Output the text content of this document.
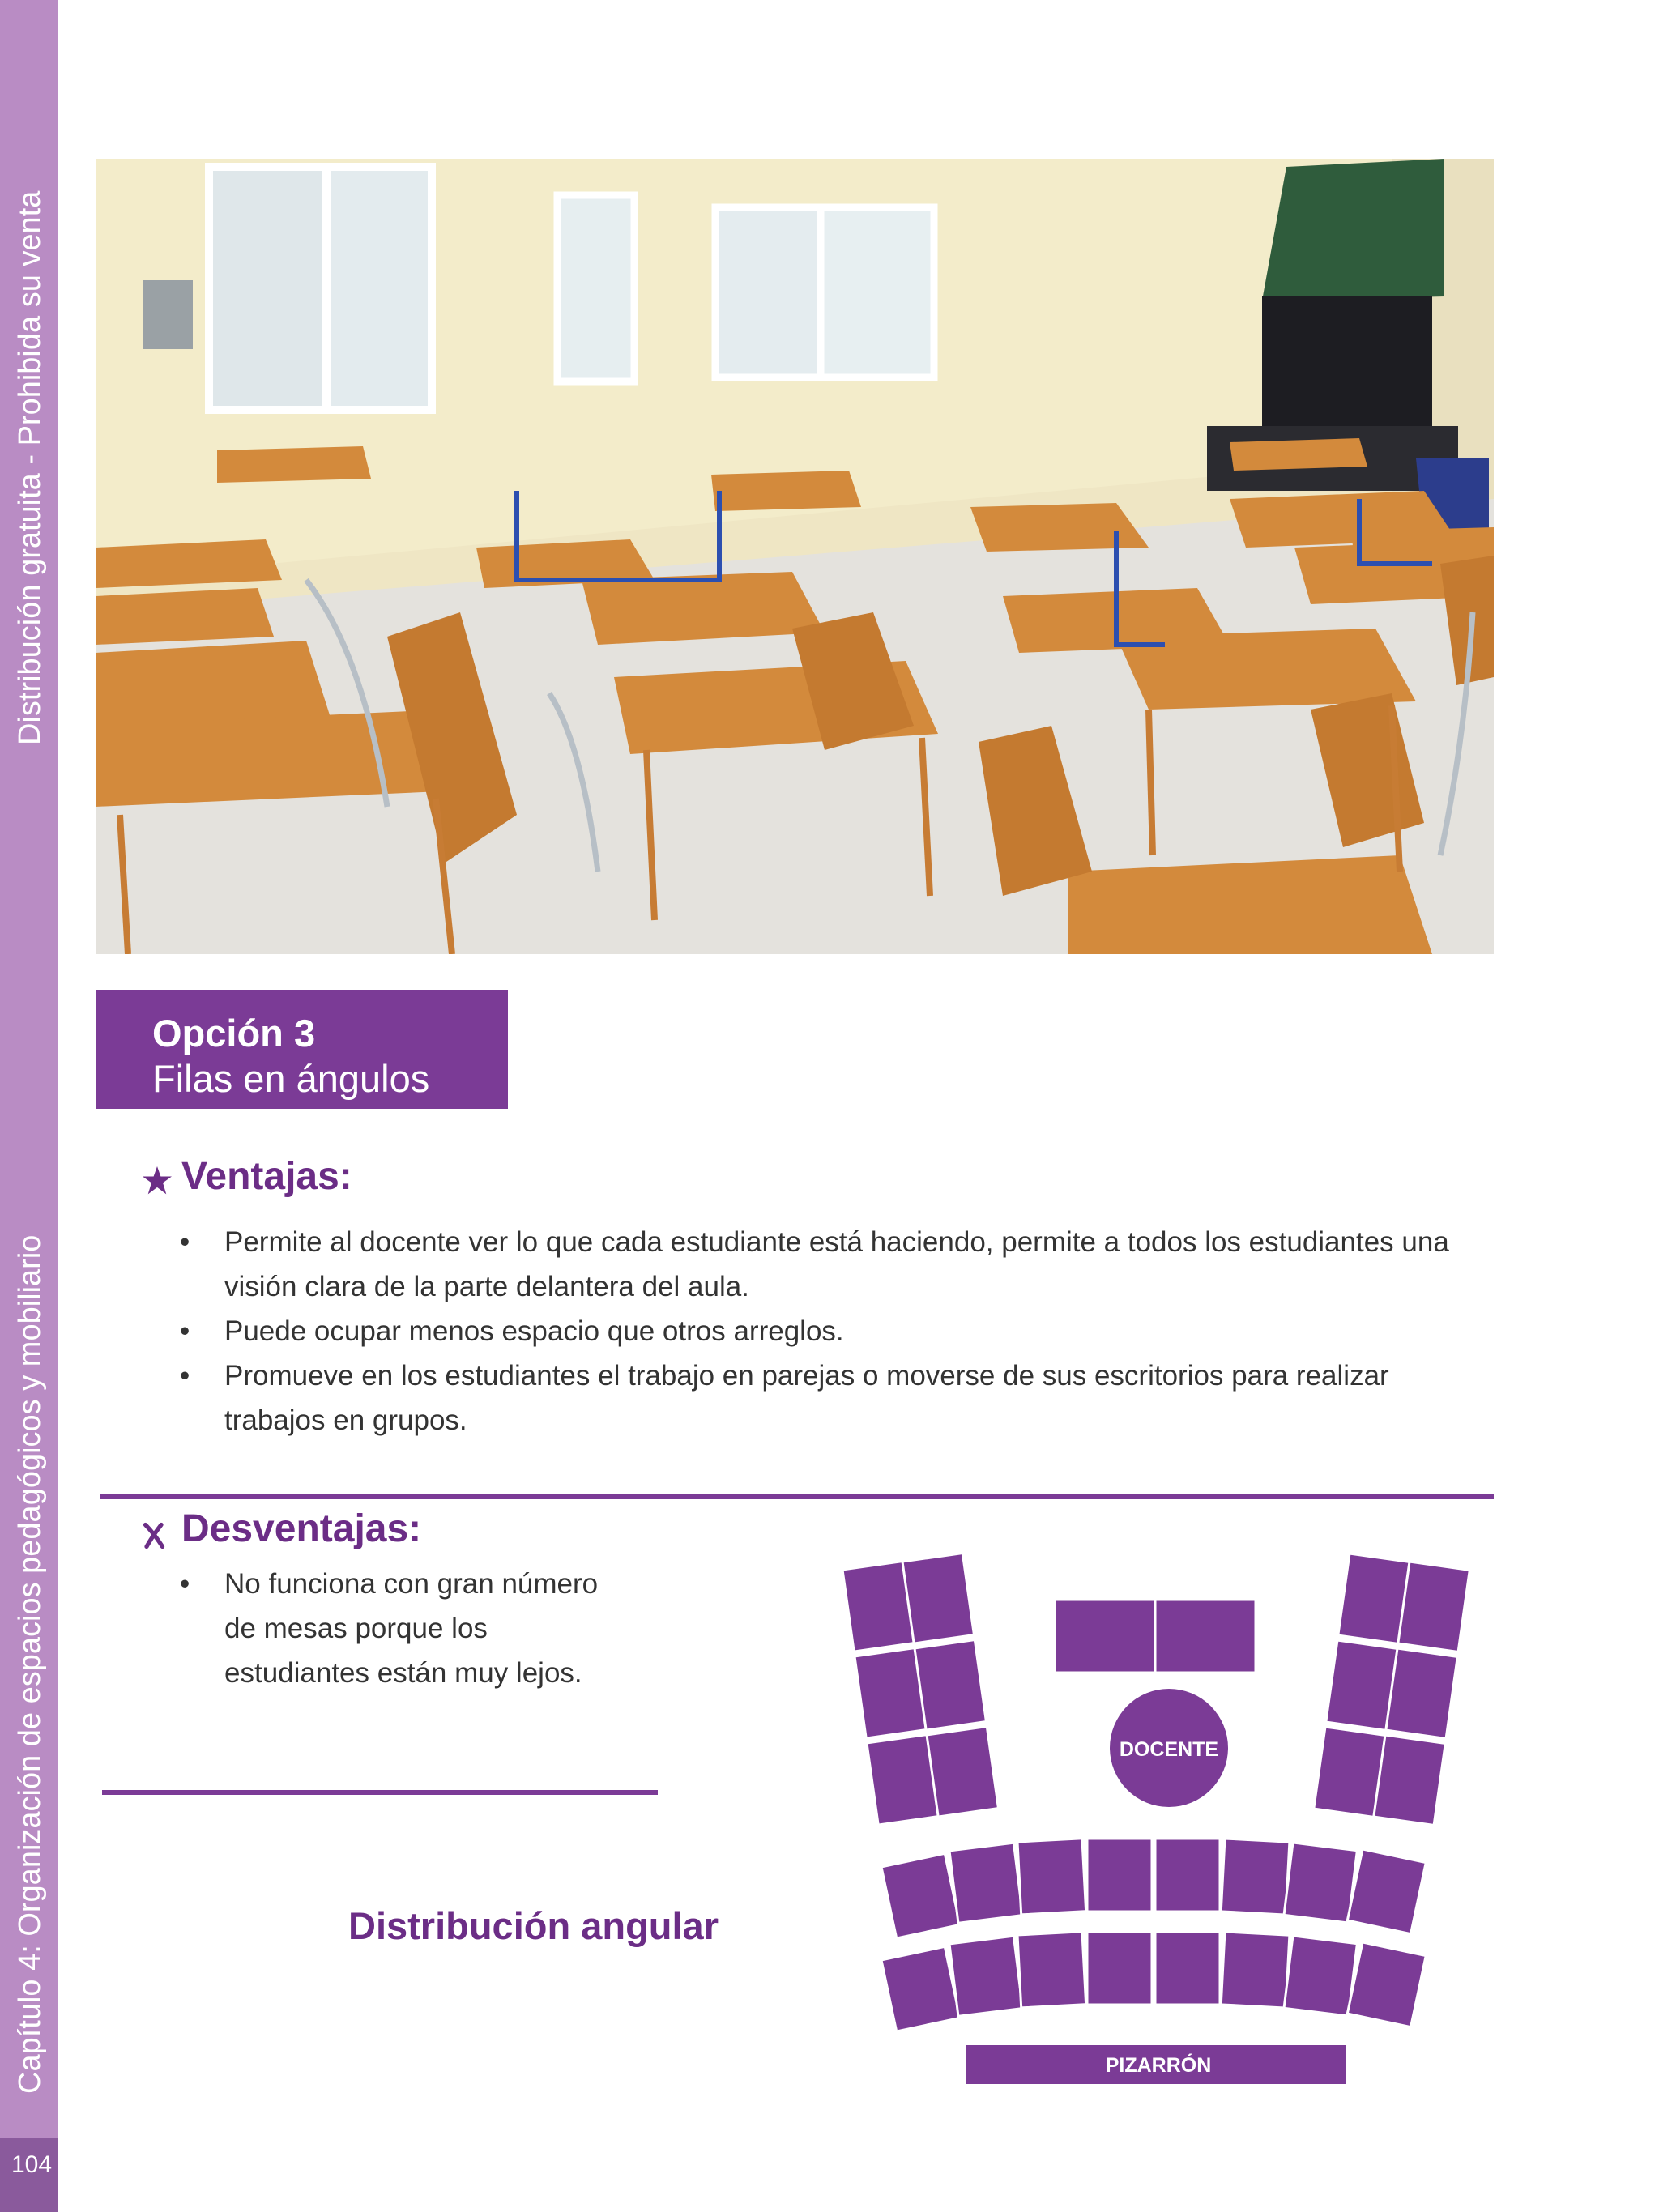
Distribución gratuita - Prohibida su venta
Capítulo 4: Organización de espacios pedagógicos y mobiliario
104
Opción 3
Filas en ángulos
Ventajas:
• Permite al docente ver lo que cada estudiante está haciendo, permite a todos los estudiantes una visión clara de la parte delantera del aula.
• Puede ocupar menos espacio que otros arreglos.
• Promueve en los estudiantes el trabajo en parejas o moverse de sus escritorios para realizar trabajos en grupos.
Desventajas:
• No funciona con gran número de mesas porque los estudiantes están muy lejos.
Distribución angular
DOCENTE
PIZARRÓN
